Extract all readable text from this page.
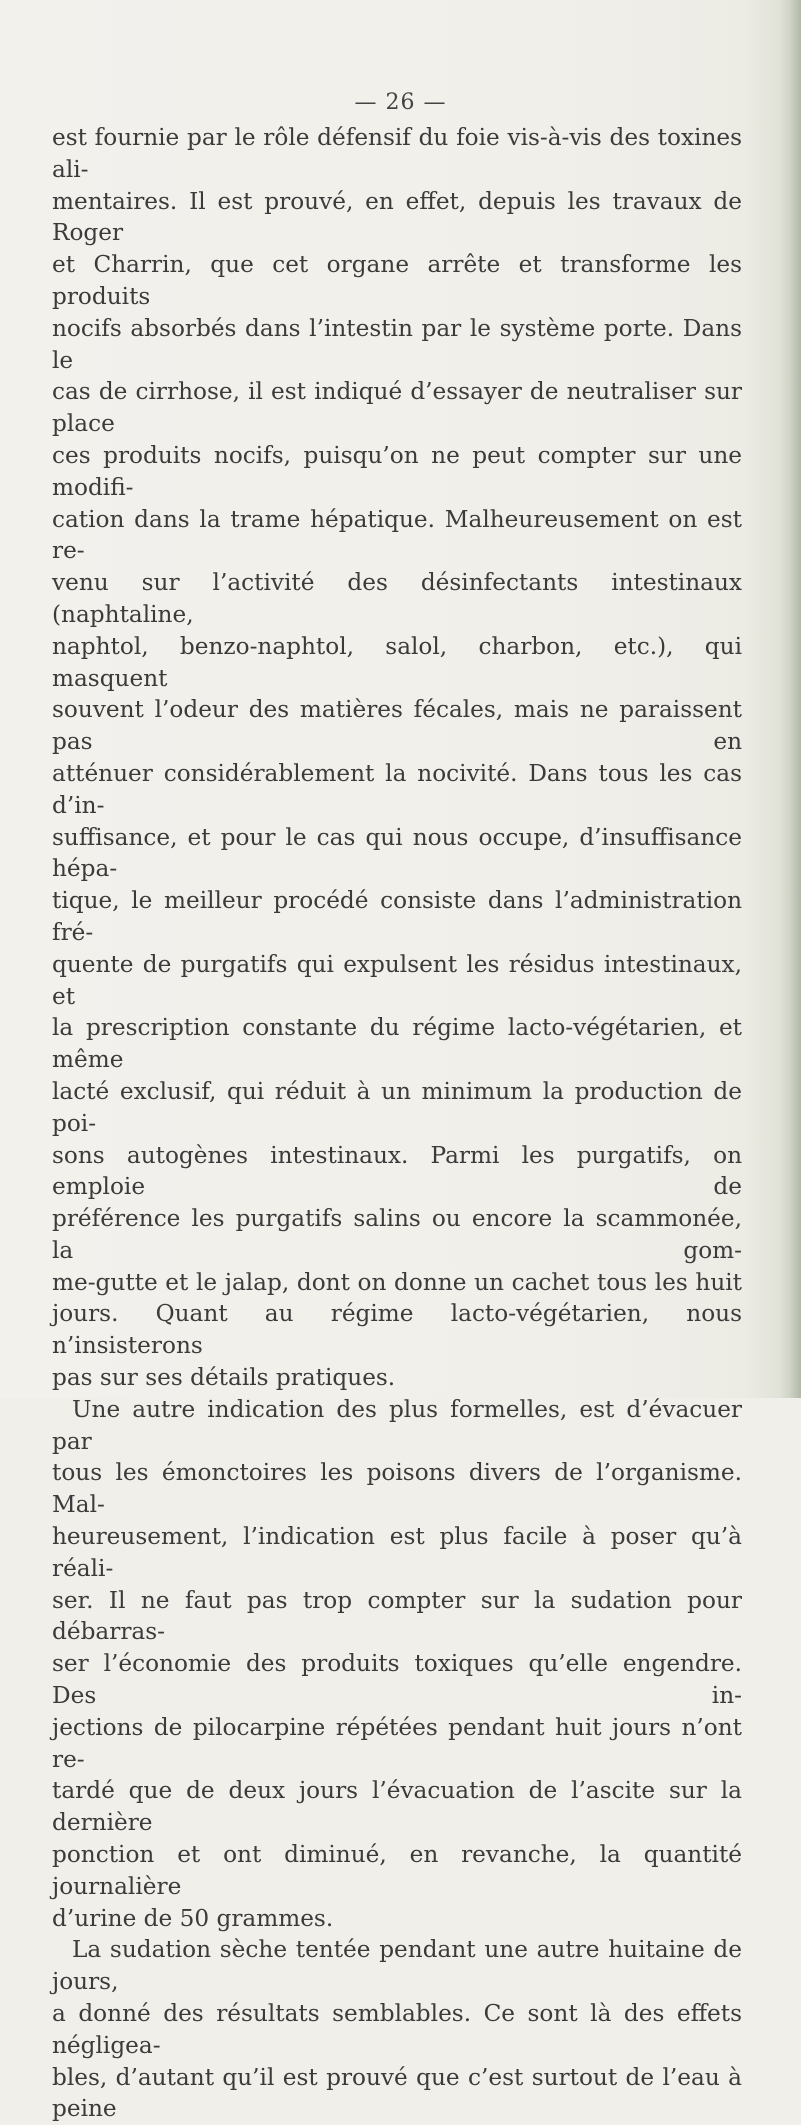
— 26 —

est fournie par le rôle défensif du foie vis-à-vis des toxines ali-

mentaires. Il est prouvé, en effet, depuis les travaux de Roger

et Charrin, que cet organe arrête et transforme les produits

nocifs absorbés dans l’intestin par le système porte. Dans le

cas de cirrhose, il est indiqué d’essayer de neutraliser sur place

ces produits nocifs, puisqu’on ne peut compter sur une modifi-

cation dans la trame hépatique. Malheureusement on est re-

venu sur l’activité des désinfectants intestinaux (naphtaline,

naphtol, benzo-naphtol, salol, charbon, etc.), qui masquent

souvent l’odeur des matières fécales, mais ne paraissent pas en

atténuer considérablement la nocivité. Dans tous les cas d’in-

suffisance, et pour le cas qui nous occupe, d’insuffisance hépa-

tique, le meilleur procédé consiste dans l’administration fré-

quente de purgatifs qui expulsent les résidus intestinaux, et

la prescription constante du régime lacto-végétarien, et même

lacté exclusif, qui réduit à un minimum la production de poi-

sons autogènes intestinaux. Parmi les purgatifs, on emploie de

préférence les purgatifs salins ou encore la scammonée, la gom-

me-gutte et le jalap, dont on donne un cachet tous les huit

jours. Quant au régime lacto-végétarien, nous n’insisterons

pas sur ses détails pratiques.

Une autre indication des plus formelles, est d’évacuer par

tous les émonctoires les poisons divers de l’organisme. Mal-

heureusement, l’indication est plus facile à poser qu’à réali-

ser. Il ne faut pas trop compter sur la sudation pour débarras-

ser l’économie des produits toxiques qu’elle engendre. Des in-

jections de pilocarpine répétées pendant huit jours n’ont re-

tardé que de deux jours l’évacuation de l’ascite sur la dernière

ponction et ont diminué, en revanche, la quantité journalière

d’urine de 50 grammes.

La sudation sèche tentée pendant une autre huitaine de jours,

a donné des résultats semblables. Ce sont là des effets négligea-

bles, d’autant qu’il est prouvé que c’est surtout de l’eau à peine
